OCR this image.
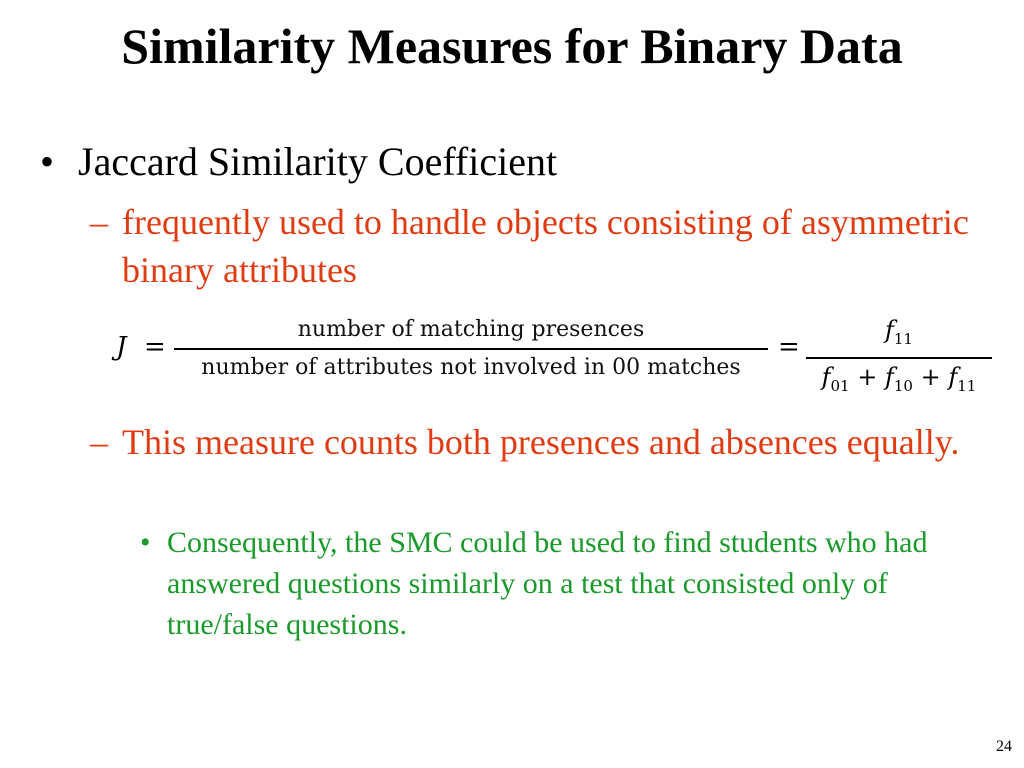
Similarity Measures for Binary Data
• Jaccard Similarity Coefficient
– frequently used to handle objects consisting of asymmetric binary attributes
J =
number of matching presences
number of attributes not involved in 00 matches
=
$f_{11}$
$f_{01} + f_{10} + f_{11}$
– This measure counts both presences and absences equally.
• Consequently, the SMC could be used to find students who had answered questions similarly on a test that consisted only of true/false questions.
24
